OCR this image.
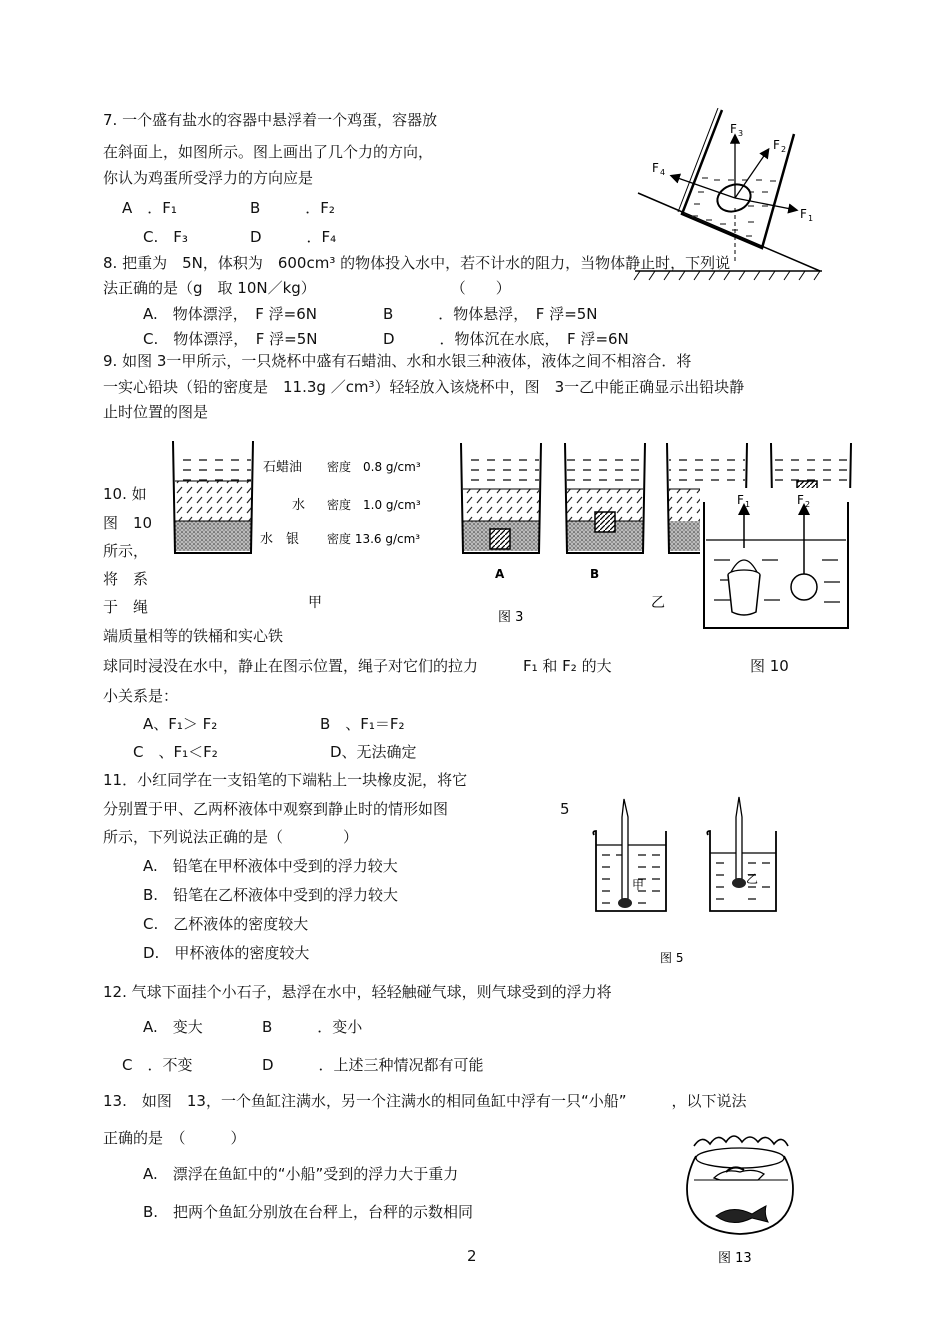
7. 一个盛有盐水的容器中悬浮着一个鸡蛋，容器放
在斜面上，如图所示。图上画出了几个力的方向，
你认为鸡蛋所受浮力的方向应是
A　．F₁	B　　　．F₂
C.　F₃	D　　　．F₄
F 3
F 2
F 4
F 1
8. 把重为　5N，体积为　600cm³ 的物体投入水中，若不计水的阻力，当物体静止时，下列说
法正确的是（g　取 10N／kg）　　　　　　　　　　（　　）
A.　物体漂浮，　F 浮=6N	B　　　．物体悬浮，　F 浮=5N
C.　物体漂浮，　F 浮=5N	D　　　．物体沉在水底，　F 浮=6N
9. 如图 3一甲所示，一只烧杯中盛有石蜡油、水和水银三种液体，液体之间不相溶合．将
一实心铅块（铅的密度是　11.3g ／cm³）轻轻放入该烧杯中，图　3一乙中能正确显示出铅块静
止时位置的图是
石蜡油 密度　0.8 g/cm³
水 密度　1.0 g/cm³
水　银 密度 13.6 g/cm³
甲
A	B
乙
图 3
F 1	F 2
10. 如
图　10
所示，
将　系
于　绳
端质量相等的铁桶和实心铁
球同时浸没在水中，静止在图示位置，绳子对它们的拉力　　　F₁ 和 F₂ 的大	图 10
小关系是：
A、F₁＞ F₂	B　、F₁＝F₂
C　、F₁＜F₂	D、无法确定
11．小红同学在一支铅笔的下端粘上一块橡皮泥，将它
分别置于甲、乙两杯液体中观察到静止时的情形如图	5
所示，下列说法正确的是（　　　　）
A.　铅笔在甲杯液体中受到的浮力较大
B.　铅笔在乙杯液体中受到的浮力较大
C.　乙杯液体的密度较大
D.　甲杯液体的密度较大
甲	乙
图 5
12. 气球下面挂个小石子，悬浮在水中，轻轻触碰气球，则气球受到的浮力将
A.　变大	B　　　．变小
C　．不变	D　　　．上述三种情况都有可能
13.　如图　13，一个鱼缸注满水，另一个注满水的相同鱼缸中浮有一只“小船”　　　，以下说法
正确的是　（　　　）
A.　漂浮在鱼缸中的“小船”受到的浮力大于重力
B.　把两个鱼缸分别放在台秤上，台秤的示数相同
图 13
2
